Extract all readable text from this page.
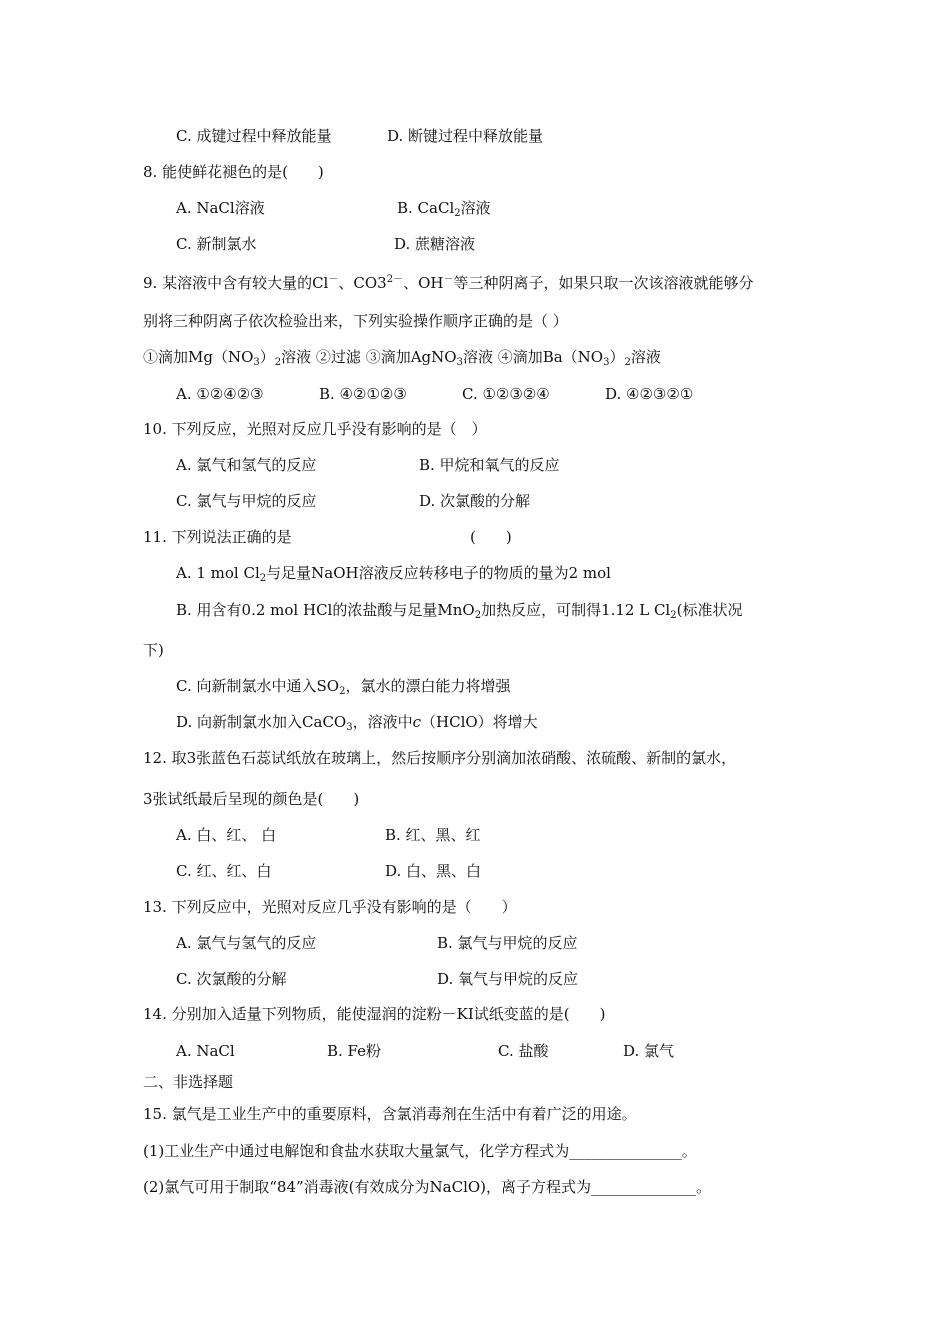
C. 成键过程中释放能量	D. 断键过程中释放能量
8. 能使鲜花褪色的是(　　)
A. NaCl溶液	B. CaCl$_2$溶液
C. 新制氯水	D. 蔗糖溶液
9. 某溶液中含有较大量的Cl－、$CO3^{2-}$、OH－等三种阴离子，如果只取一次该溶液就能够分
别将三种阴离子依次检验出来，下列实验操作顺序正确的是（ ）
①滴加$Mg(NO_3)_2$溶液 ②过滤 ③滴加AgNO$_3$溶液 ④滴加$Ba(NO_3)_2$溶液
A. ①②④②③	B. ④②①②③	C. ①②③②④	D. ④②③②①
10. 下列反应，光照对反应几乎没有影响的是（　）
A. 氯气和氢气的反应	B. 甲烷和氧气的反应
C. 氯气与甲烷的反应	D. 次氯酸的分解
11. 下列说法正确的是	(　　)
A. 1 mol $Cl_2$与足量NaOH溶液反应转移电子的物质的量为2 mol
B. 用含有0.2 mol HCl的浓盐酸与足量MnO$_2$加热反应，可制得1.12 L $Cl_2$(标准状况
下)
C. 向新制氯水中通入$SO_2$，氯水的漂白能力将增强
D. 向新制氯水加入CaCO$_3$，溶液中c（HClO）将增大
12. 取3张蓝色石蕊试纸放在玻璃上，然后按顺序分别滴加浓硝酸、浓硫酸、新制的氯水，
3张试纸最后呈现的颜色是(　　)
A. 白、红、 白	B. 红、黑、红
C. 红、红、白	D. 白、黑、白
13. 下列反应中，光照对反应几乎没有影响的是（　　）
A. 氯气与氢气的反应	B. 氯气与甲烷的反应
C. 次氯酸的分解	D. 氧气与甲烷的反应
14. 分别加入适量下列物质，能使湿润的淀粉－KI试纸变蓝的是(　　)
A. NaCl	B. Fe粉	C. 盐酸	D. 氯气
二、非选择题
15. 氯气是工业生产中的重要原料，含氯消毒剂在生活中有着广泛的用途。
(1)工业生产中通过电解饱和食盐水获取大量氯气，化学方程式为_______________。
(2)氯气可用于制取“84”消毒液(有效成分为NaClO)，离子方程式为______________。
